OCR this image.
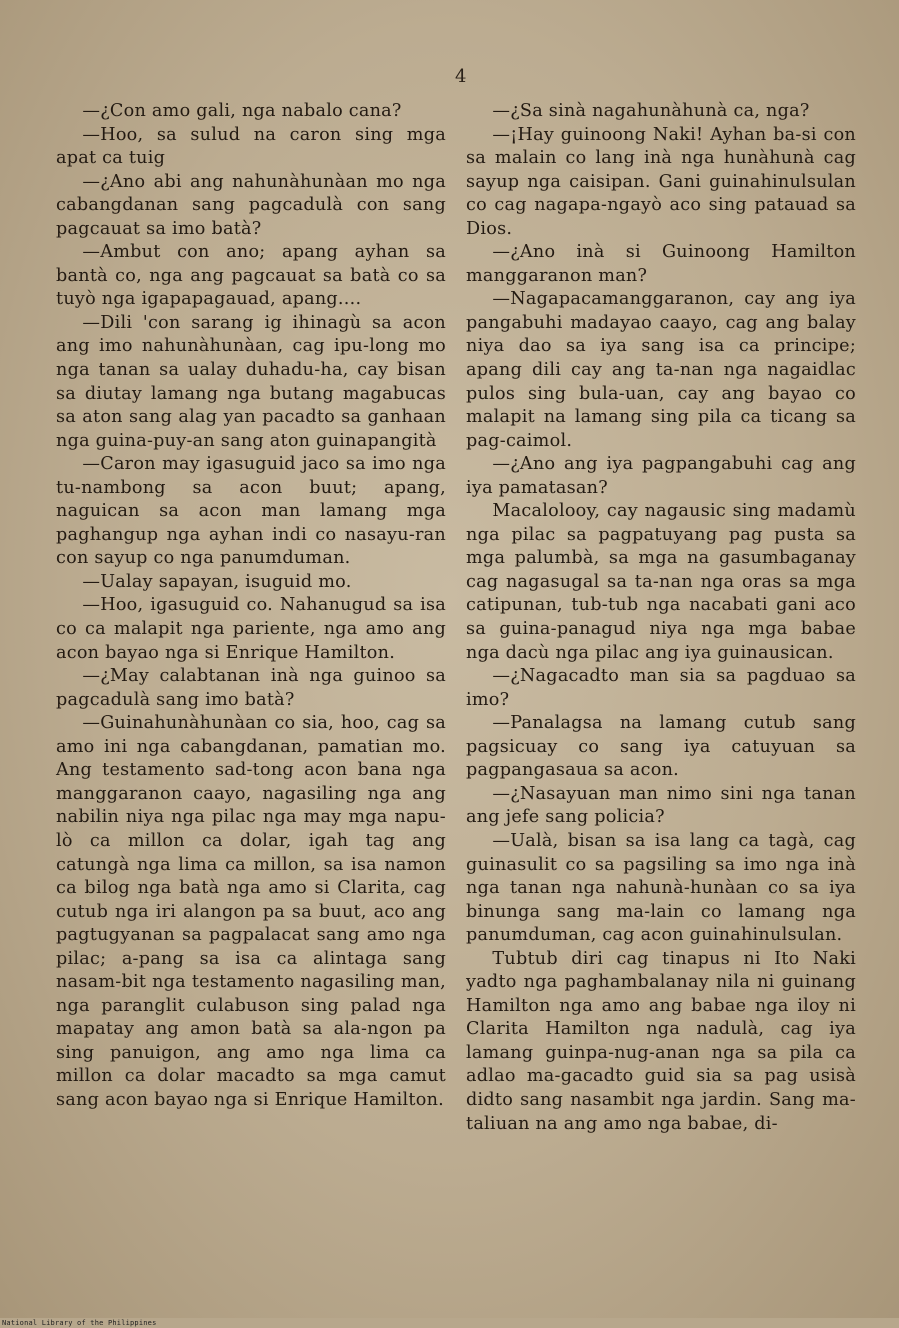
4

—¿Con amo gali, nga nabalo cana?

—Hoo, sa sulud na caron sing mga apat ca tuig

—¿Ano abi ang nahunàhunàan mo nga cabangdanan sang pagcadulà con sang pagcauat sa imo batà?

—Ambut con ano; apang ayhan sa bantà co, nga ang pagcauat sa batà co sa tuyò nga igapapagauad, apang....

—Dili 'con sarang ig ihinagù sa acon ang imo nahunàhunàan, cag ipu-long mo nga tanan sa ualay duhadu-ha, cay bisan sa diutay lamang nga butang magabucas sa aton sang alag yan pacadto sa ganhaan nga guina-puy-an sang aton guinapangità

—Caron may igasuguid jaco sa imo nga tu-nambong sa acon buut; apang, naguican sa acon man lamang mga paghangup nga ayhan indi co nasayu-ran con sayup co nga panumduman.

—Ualay sapayan, isuguid mo.

—Hoo, igasuguid co. Nahanugud sa isa co ca malapit nga pariente, nga amo ang acon bayao nga si Enrique Hamilton.

—¿May calabtanan inà nga guinoo sa pagcadulà sang imo batà?

—Guinahunàhunàan co sia, hoo, cag sa amo ini nga cabangdanan, pamatian mo. Ang testamento sad-tong acon bana nga manggaranon caayo, nagasiling nga ang nabilin niya nga pilac nga may mga napu-lò ca millon ca dolar, igah tag ang catungà nga lima ca millon, sa isa namon ca bilog nga batà nga amo si Clarita, cag cutub nga iri alangon pa sa buut, aco ang pagtugyanan sa pagpalacat sang amo nga pilac; a-pang sa isa ca alintaga sang nasam-bit nga testamento nagasiling man, nga paranglit culabuson sing palad nga mapatay ang amon batà sa ala-ngon pa sing panuigon, ang amo nga lima ca millon ca dolar macadto sa mga camut sang acon bayao nga si Enrique Hamilton.

—¿Sa sinà nagahunàhunà ca, nga?

—¡Hay guinoong Naki! Ayhan ba-si con sa malain co lang inà nga hunàhunà cag sayup nga caisipan. Gani guinahinulsulan co cag nagapa-ngayò aco sing patauad sa Dios.

—¿Ano inà si Guinoong Hamilton manggaranon man?

—Nagapacamanggaranon, cay ang iya pangabuhi madayao caayo, cag ang balay niya dao sa iya sang isa ca principe; apang dili cay ang ta-nan nga nagaidlac pulos sing bula-uan, cay ang bayao co malapit na lamang sing pila ca ticang sa pag-caimol.

—¿Ano ang iya pagpangabuhi cag ang iya pamatasan?

Macalolooy, cay nagausic sing madamù nga pilac sa pagpatuyang pag pusta sa mga palumbà, sa mga na gasumbaganay cag nagasugal sa ta-nan nga oras sa mga catipunan, tub-tub nga nacabati gani aco sa guina-panagud niya nga mga babae nga dacù nga pilac ang iya guinausican.

—¿Nagacadto man sia sa pagduao sa imo?

—Panalagsa na lamang cutub sang pagsicuay co sang iya catuyuan sa pagpangasaua sa acon.

—¿Nasayuan man nimo sini nga tanan ang jefe sang policia?

—Ualà, bisan sa isa lang ca tagà, cag guinasulit co sa pagsiling sa imo nga inà nga tanan nga nahunà-hunàan co sa iya binunga sang ma-lain co lamang nga panumduman, cag acon guinahinulsulan.

Tubtub diri cag tinapus ni Ito Naki yadto nga paghambalanay nila ni guinang Hamilton nga amo ang babae nga iloy ni Clarita Hamilton nga nadulà, cag iya lamang guinpa-nug-anan nga sa pila ca adlao ma-gacadto guid sia sa pag usisà didto sang nasambit nga jardin. Sang ma-taliuan na ang amo nga babae, di-

National Library of the Philippines
